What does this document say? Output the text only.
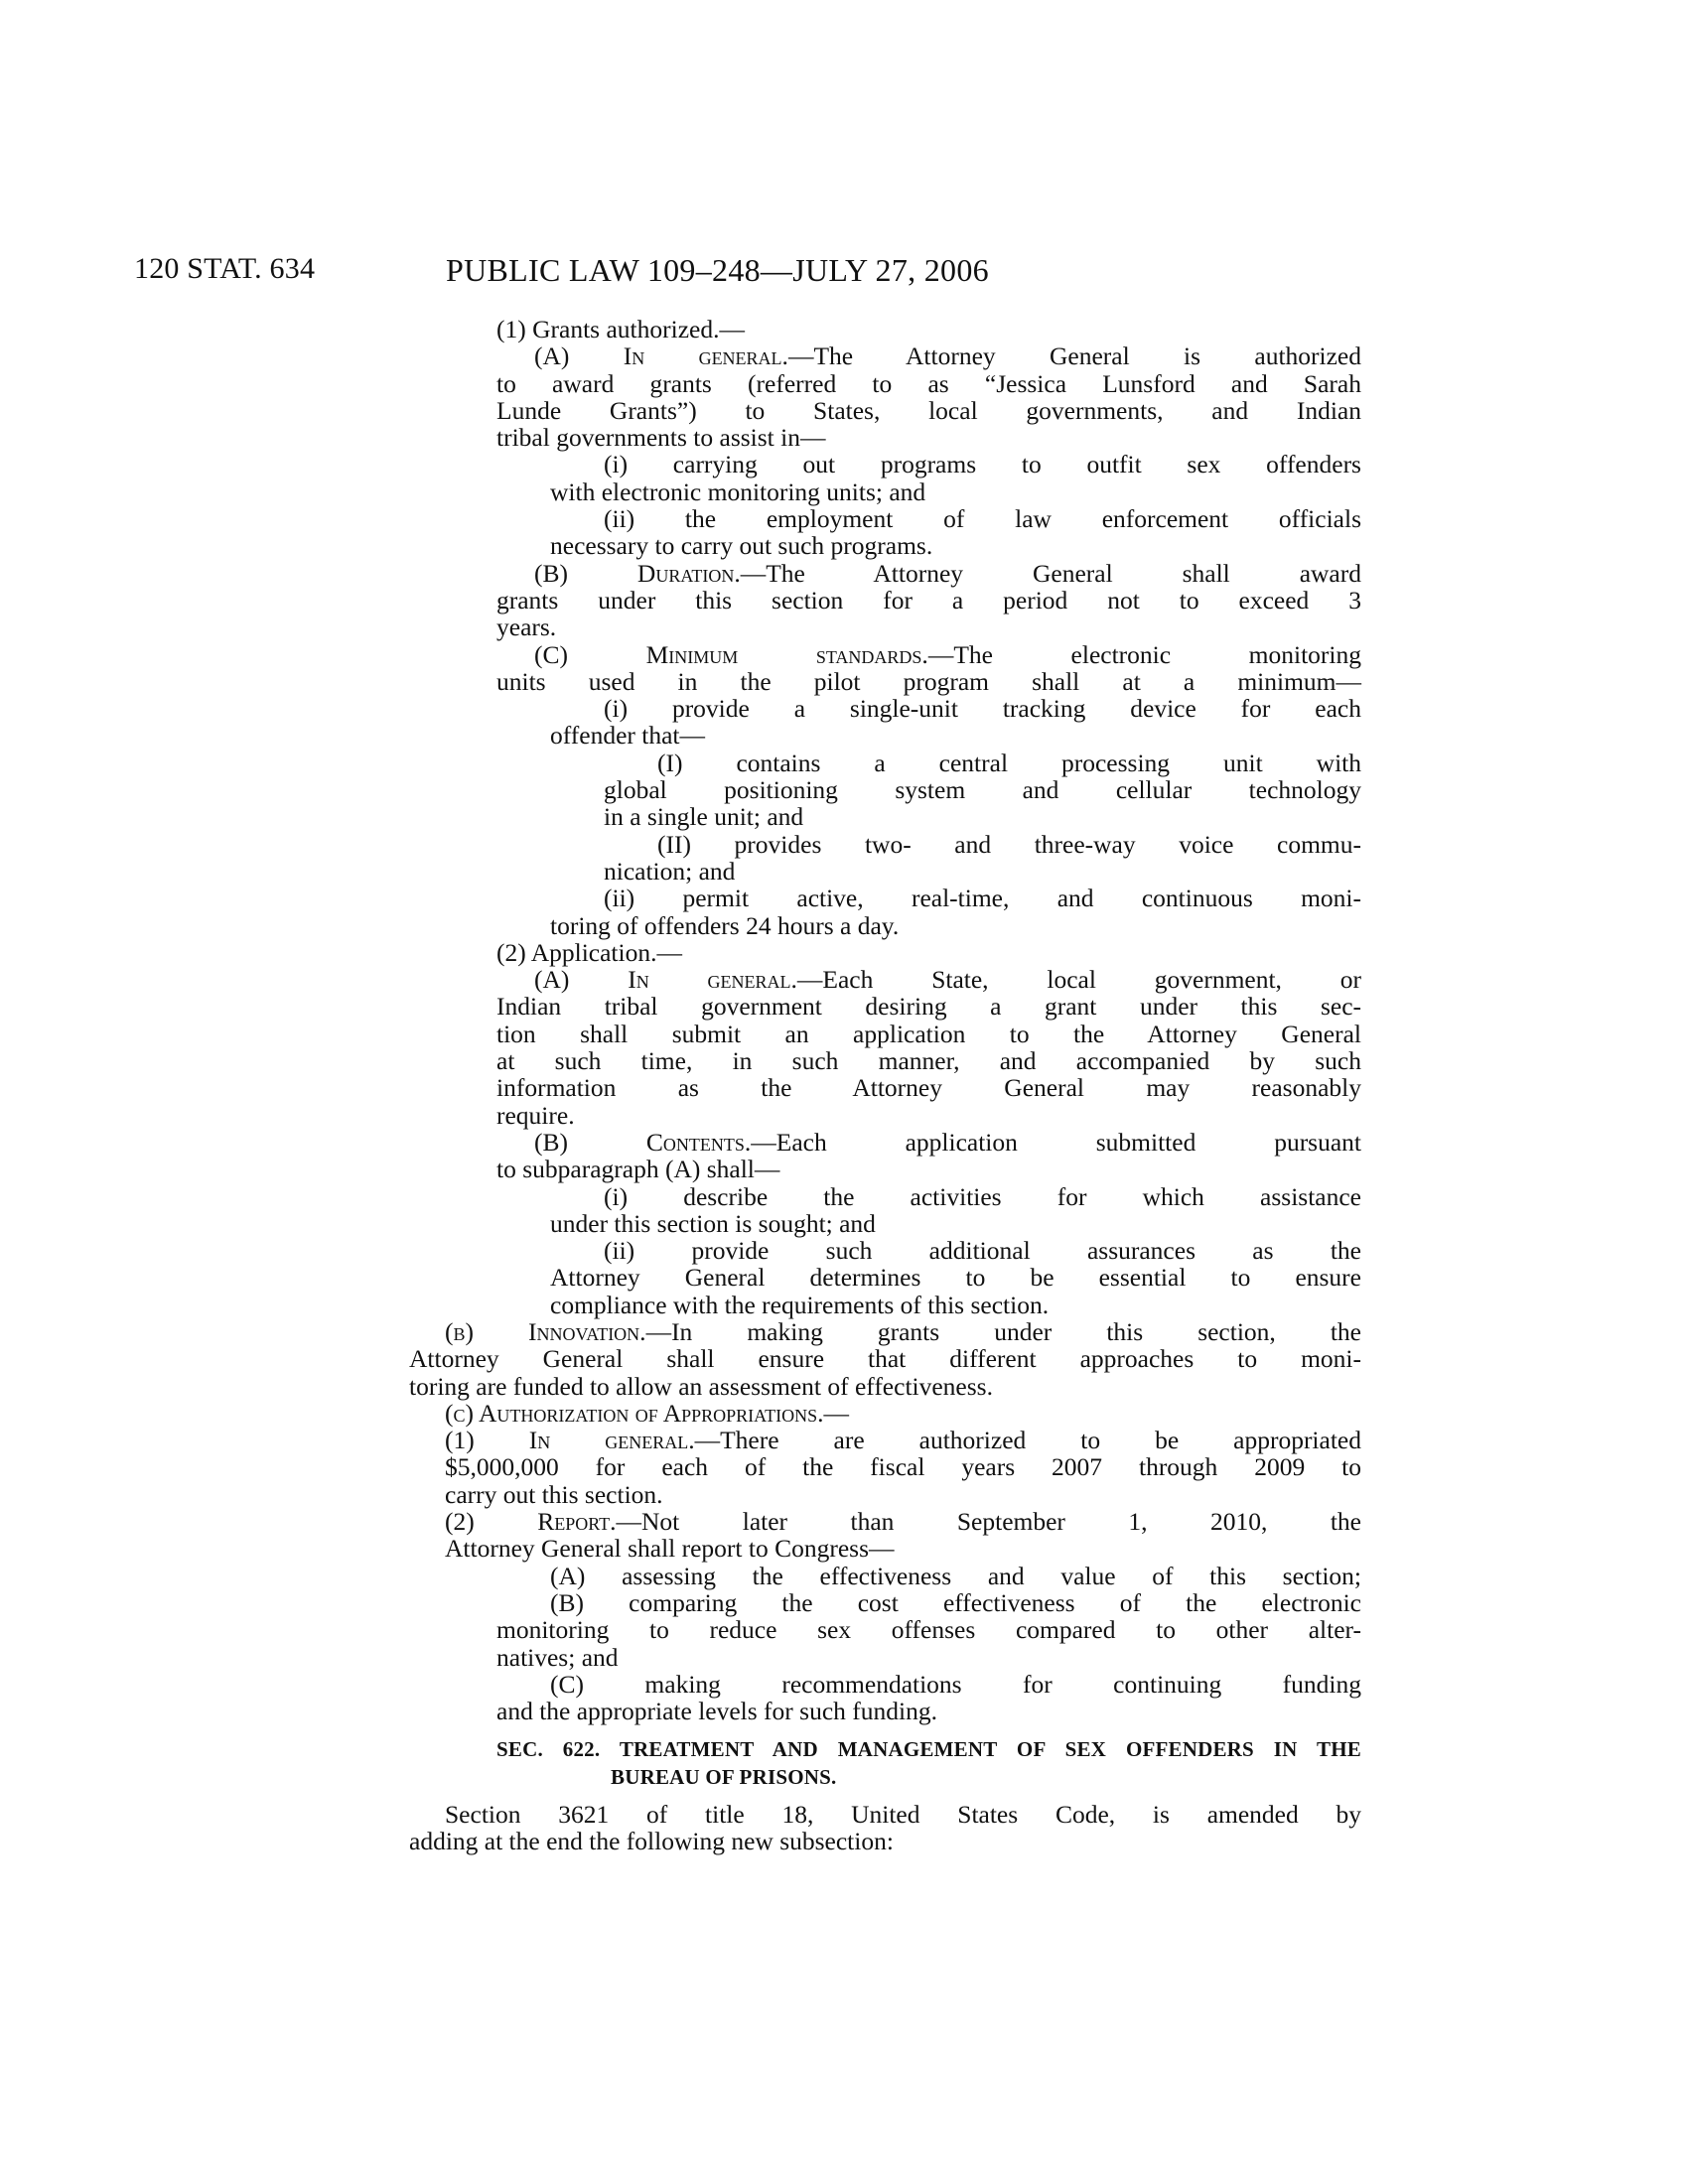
120 STAT. 634	PUBLIC LAW 109–248—JULY 27, 2006
(1) Grants authorized.—
(A) In general.—The Attorney General is authorized
to award grants (referred to as “Jessica Lunsford and Sarah
Lunde Grants”) to States, local governments, and Indian
tribal governments to assist in—
(i) carrying out programs to outfit sex offenders
with electronic monitoring units; and
(ii) the employment of law enforcement officials
necessary to carry out such programs.
(B) Duration.—The Attorney General shall award
grants under this section for a period not to exceed 3
years.
(C) Minimum standards.—The electronic monitoring
units used in the pilot program shall at a minimum—
(i) provide a single-unit tracking device for each
offender that—
(I) contains a central processing unit with
global positioning system and cellular technology
in a single unit; and
(II) provides two- and three-way voice commu-
nication; and
(ii) permit active, real-time, and continuous moni-
toring of offenders 24 hours a day.
(2) Application.—
(A) In general.—Each State, local government, or
Indian tribal government desiring a grant under this sec-
tion shall submit an application to the Attorney General
at such time, in such manner, and accompanied by such
information as the Attorney General may reasonably
require.
(B) Contents.—Each application submitted pursuant
to subparagraph (A) shall—
(i) describe the activities for which assistance
under this section is sought; and
(ii) provide such additional assurances as the
Attorney General determines to be essential to ensure
compliance with the requirements of this section.
(b) Innovation.—In making grants under this section, the
Attorney General shall ensure that different approaches to moni-
toring are funded to allow an assessment of effectiveness.
(c) Authorization of Appropriations.—
(1) In general.—There are authorized to be appropriated
$5,000,000 for each of the fiscal years 2007 through 2009 to
carry out this section.
(2) Report.—Not later than September 1, 2010, the
Attorney General shall report to Congress—
(A) assessing the effectiveness and value of this section;
(B) comparing the cost effectiveness of the electronic
monitoring to reduce sex offenses compared to other alter-
natives; and
(C) making recommendations for continuing funding
and the appropriate levels for such funding.
SEC. 622. TREATMENT AND MANAGEMENT OF SEX OFFENDERS IN THE
BUREAU OF PRISONS.
Section 3621 of title 18, United States Code, is amended by
adding at the end the following new subsection:
